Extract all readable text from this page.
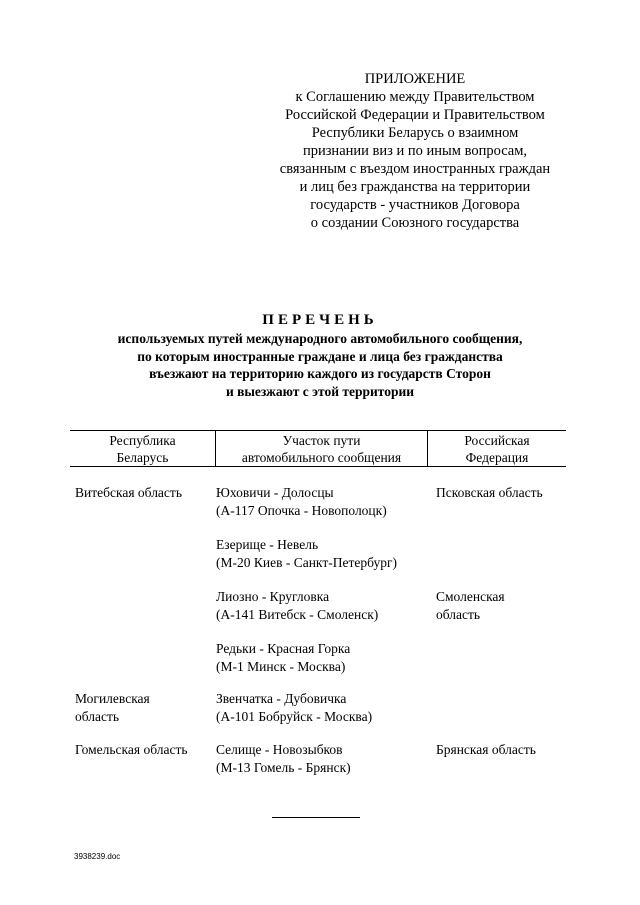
ПРИЛОЖЕНИЕ
к Соглашению между Правительством
Российской Федерации и Правительством
Республики Беларусь о взаимном
признании виз и по иным вопросам,
связанным с въездом иностранных граждан
и лиц без гражданства на территории
государств - участников Договора
о создании Союзного государства
ПЕРЕЧЕНЬ
используемых путей международного автомобильного сообщения,
по которым иностранные граждане и лица без гражданства
въезжают на территорию каждого из государств Сторон
и выезжают с этой территории
Республика
Беларусь
Участок пути
автомобильного сообщения
Российская
Федерация
Витебская область	Юховичи - Долосцы
(А-117 Опочка - Новополоцк)
Псковская область
Езерище - Невель
(М-20 Киев - Санкт-Петербург)
Лиозно - Кругловка
(А-141 Витебск - Смоленск)
Смоленская
область
Редьки - Красная Горка
(М-1 Минск - Москва)
Могилевская
область
Звенчатка - Дубовичка
(А-101 Бобруйск - Москва)
Гомельская область Селище - Новозыбков
(М-13 Гомель - Брянск)
Брянская область
3938239.doc
